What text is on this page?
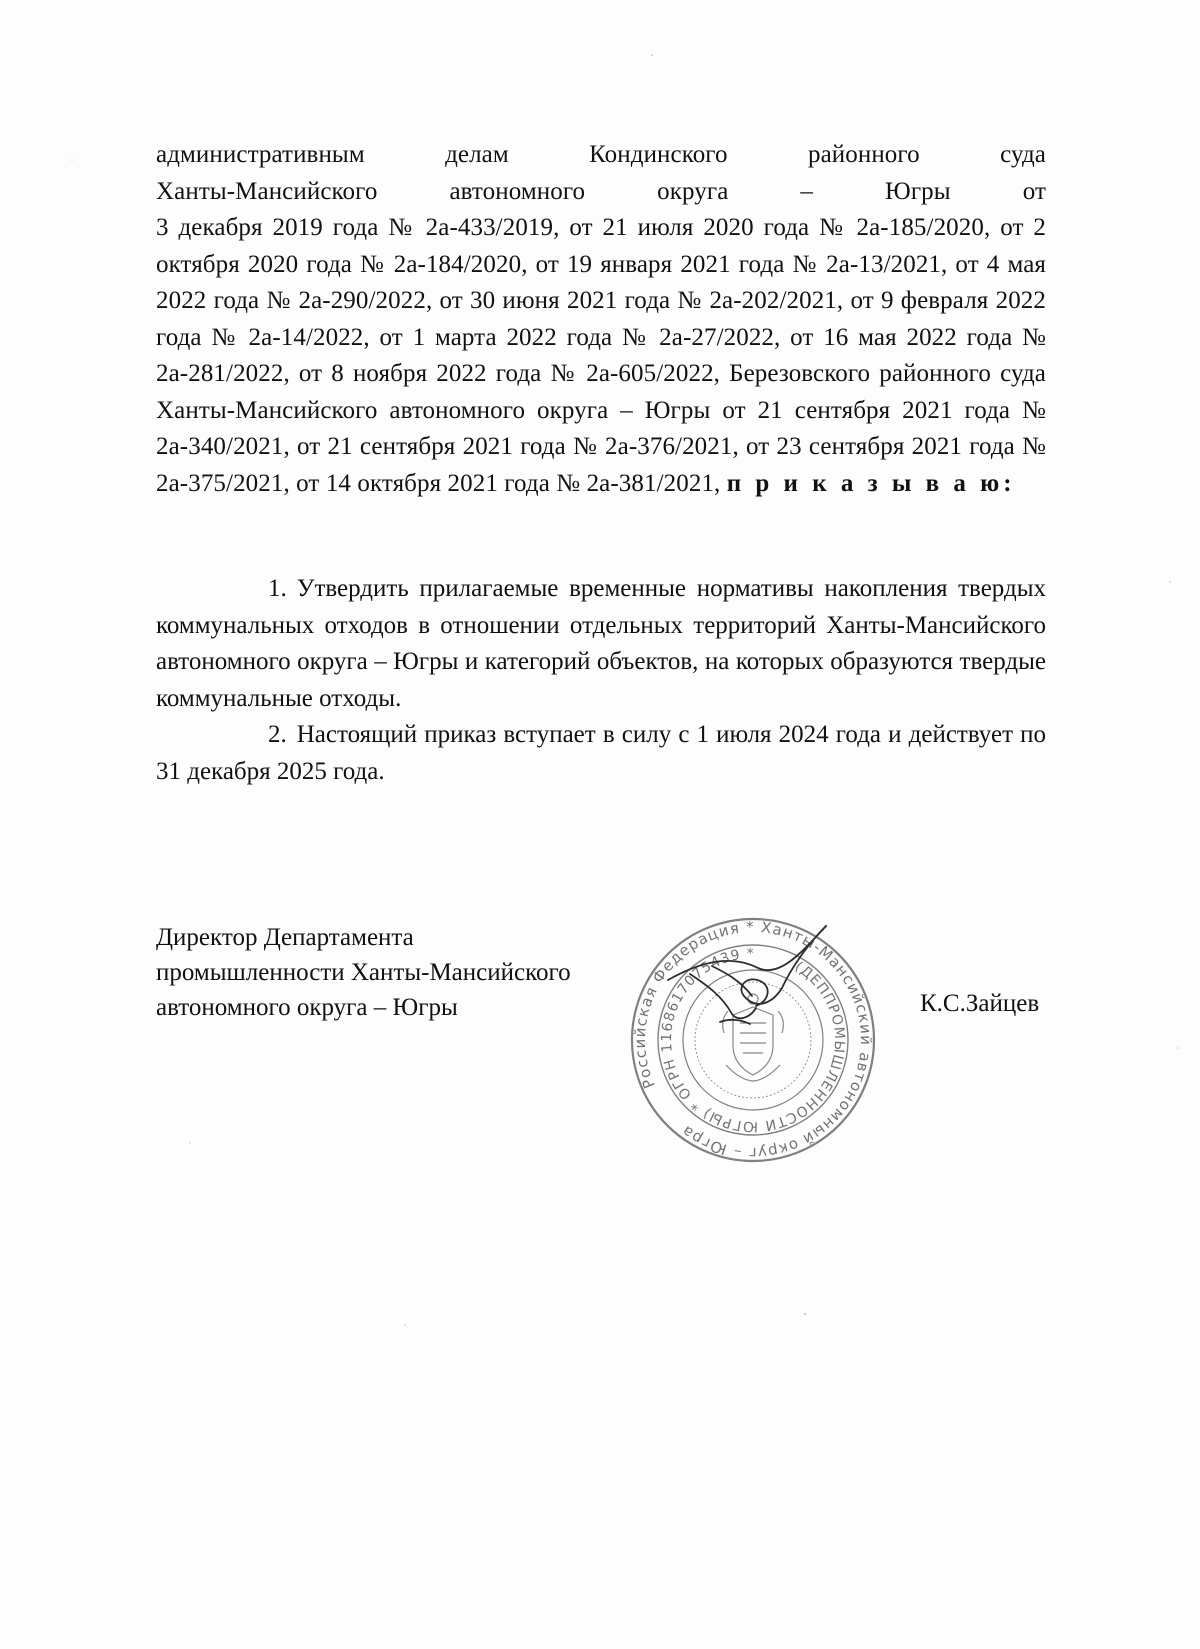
административным делам Кондинского районного суда

Ханты-Мансийского автономного округа – Югры от

3 декабря 2019 года № 2а-433/2019, от 21 июля 2020 года № 2а-185/2020, от 2 октября 2020 года № 2а-184/2020, от 19 января 2021 года № 2а-13/2021, от 4 мая 2022 года № 2а-290/2022, от 30 июня 2021 года № 2а-202/2021, от 9 февраля 2022 года № 2а-14/2022, от 1 марта 2022 года № 2а-27/2022, от 16 мая 2022 года № 2а-281/2022, от 8 ноября 2022 года № 2а-605/2022, Березовского районного суда Ханты-Мансийского автономного округа – Югры от 21 сентября 2021 года № 2а-340/2021, от 21 сентября 2021 года № 2а-376/2021, от 23 сентября 2021 года № 2а-375/2021, от 14 октября 2021 года № 2а-381/2021, п р и к а з ы в а ю:

1. Утвердить прилагаемые временные нормативы накопления твердых коммунальных отходов в отношении отдельных территорий Ханты-Мансийского автономного округа – Югры и категорий объектов, на которых образуются твердые коммунальные отходы.

2. Настоящий приказ вступает в силу с 1 июля 2024 года и действует по 31 декабря 2025 года.

Директор Департамента
промышленности Ханты-Мансийского
автономного округа – Югры
Российская Федерация * Ханты-Мансийский автономный округ – Югра
(ДЕППРОМЫШЛЕННОСТИ ЮГРЫ) * ОГРН 1168617075439 *
К.С.Зайцев
